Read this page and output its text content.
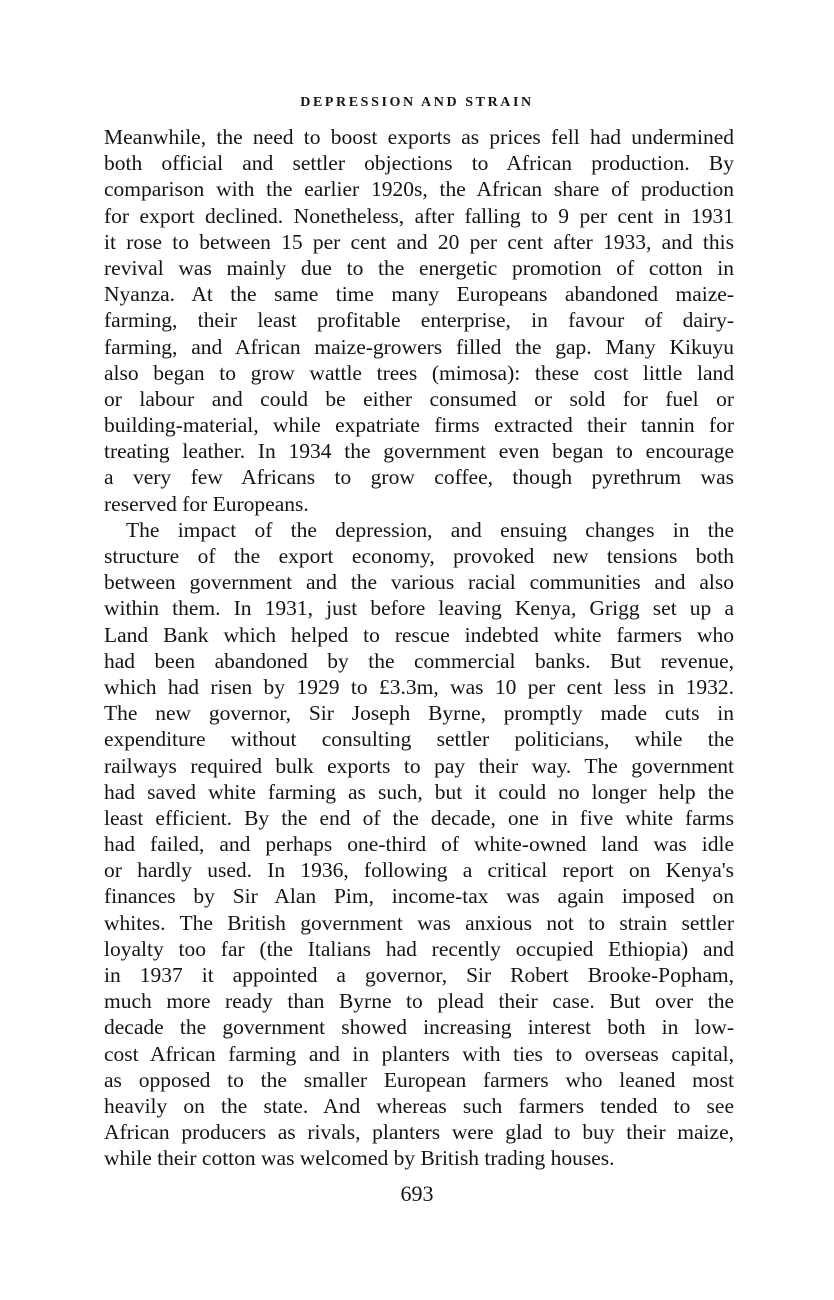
DEPRESSION AND STRAIN
Meanwhile, the need to boost exports as prices fell had undermined
both official and settler objections to African production. By
comparison with the earlier 1920s, the African share of production
for export declined. Nonetheless, after falling to 9 per cent in 1931
it rose to between 15 per cent and 20 per cent after 1933, and this
revival was mainly due to the energetic promotion of cotton in
Nyanza. At the same time many Europeans abandoned maize-
farming, their least profitable enterprise, in favour of dairy-
farming, and African maize-growers filled the gap. Many Kikuyu
also began to grow wattle trees (mimosa): these cost little land
or labour and could be either consumed or sold for fuel or
building-material, while expatriate firms extracted their tannin for
treating leather. In 1934 the government even began to encourage
a very few Africans to grow coffee, though pyrethrum was
reserved for Europeans.
The impact of the depression, and ensuing changes in the
structure of the export economy, provoked new tensions both
between government and the various racial communities and also
within them. In 1931, just before leaving Kenya, Grigg set up a
Land Bank which helped to rescue indebted white farmers who
had been abandoned by the commercial banks. But revenue,
which had risen by 1929 to £3.3m, was 10 per cent less in 1932.
The new governor, Sir Joseph Byrne, promptly made cuts in
expenditure without consulting settler politicians, while the
railways required bulk exports to pay their way. The government
had saved white farming as such, but it could no longer help the
least efficient. By the end of the decade, one in five white farms
had failed, and perhaps one-third of white-owned land was idle
or hardly used. In 1936, following a critical report on Kenya's
finances by Sir Alan Pim, income-tax was again imposed on
whites. The British government was anxious not to strain settler
loyalty too far (the Italians had recently occupied Ethiopia) and
in 1937 it appointed a governor, Sir Robert Brooke-Popham,
much more ready than Byrne to plead their case. But over the
decade the government showed increasing interest both in low-
cost African farming and in planters with ties to overseas capital,
as opposed to the smaller European farmers who leaned most
heavily on the state. And whereas such farmers tended to see
African producers as rivals, planters were glad to buy their maize,
while their cotton was welcomed by British trading houses.
693
